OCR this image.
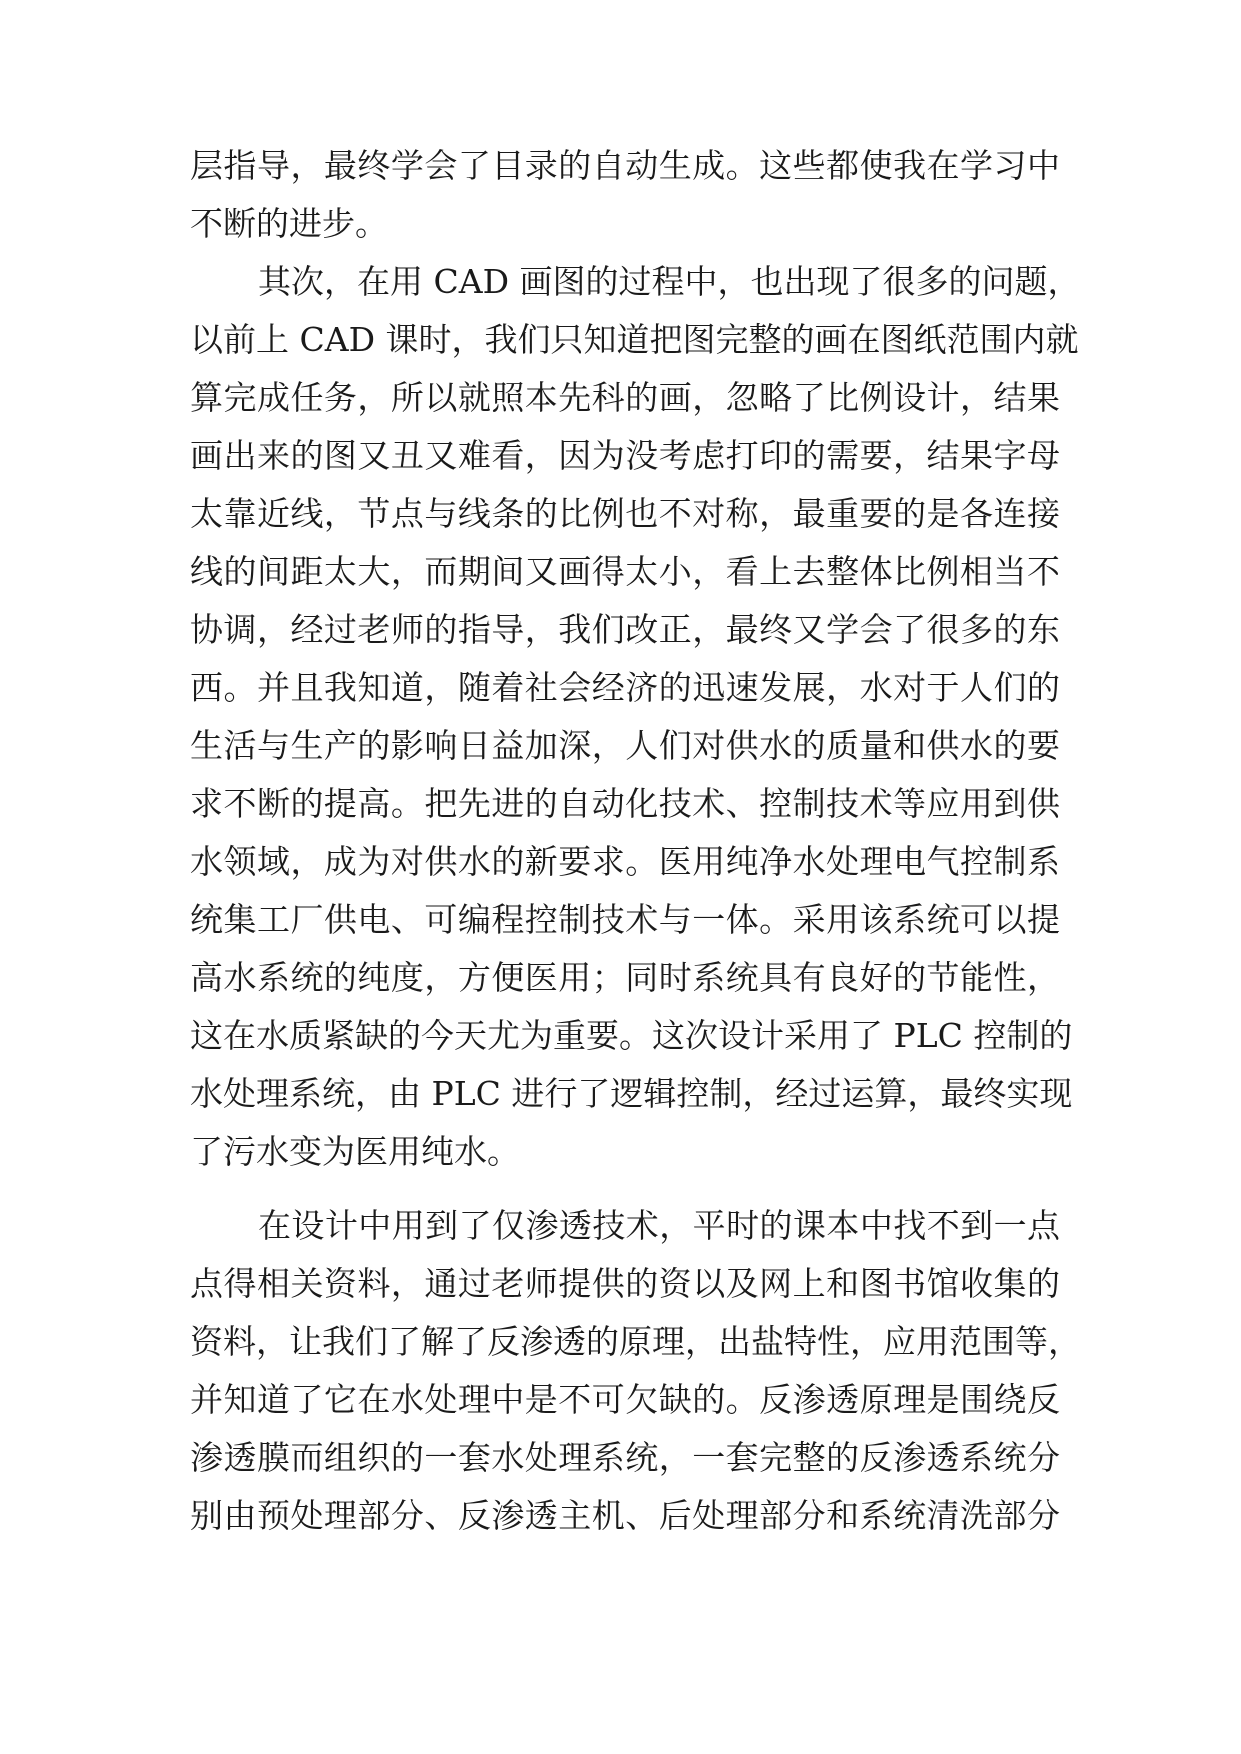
层指导，最终学会了目录的自动生成。这些都使我在学习中
不断的进步。
其次，在用 CAD 画图的过程中，也出现了很多的问题，
以前上 CAD 课时，我们只知道把图完整的画在图纸范围内就
算完成任务，所以就照本先科的画，忽略了比例设计，结果
画出来的图又丑又难看，因为没考虑打印的需要，结果字母
太靠近线，节点与线条的比例也不对称，最重要的是各连接
线的间距太大，而期间又画得太小，看上去整体比例相当不
协调，经过老师的指导，我们改正，最终又学会了很多的东
西。并且我知道，随着社会经济的迅速发展，水对于人们的
生活与生产的影响日益加深，人们对供水的质量和供水的要
求不断的提高。把先进的自动化技术、控制技术等应用到供
水领域，成为对供水的新要求。医用纯净水处理电气控制系
统集工厂供电、可编程控制技术与一体。采用该系统可以提
高水系统的纯度，方便医用；同时系统具有良好的节能性，
这在水质紧缺的今天尤为重要。这次设计采用了 PLC 控制的
水处理系统，由 PLC 进行了逻辑控制，经过运算，最终实现
了污水变为医用纯水。
在设计中用到了仅渗透技术，平时的课本中找不到一点
点得相关资料，通过老师提供的资以及网上和图书馆收集的
资料，让我们了解了反渗透的原理，出盐特性，应用范围等，
并知道了它在水处理中是不可欠缺的。反渗透原理是围绕反
渗透膜而组织的一套水处理系统，一套完整的反渗透系统分
别由预处理部分、反渗透主机、后处理部分和系统清洗部分
